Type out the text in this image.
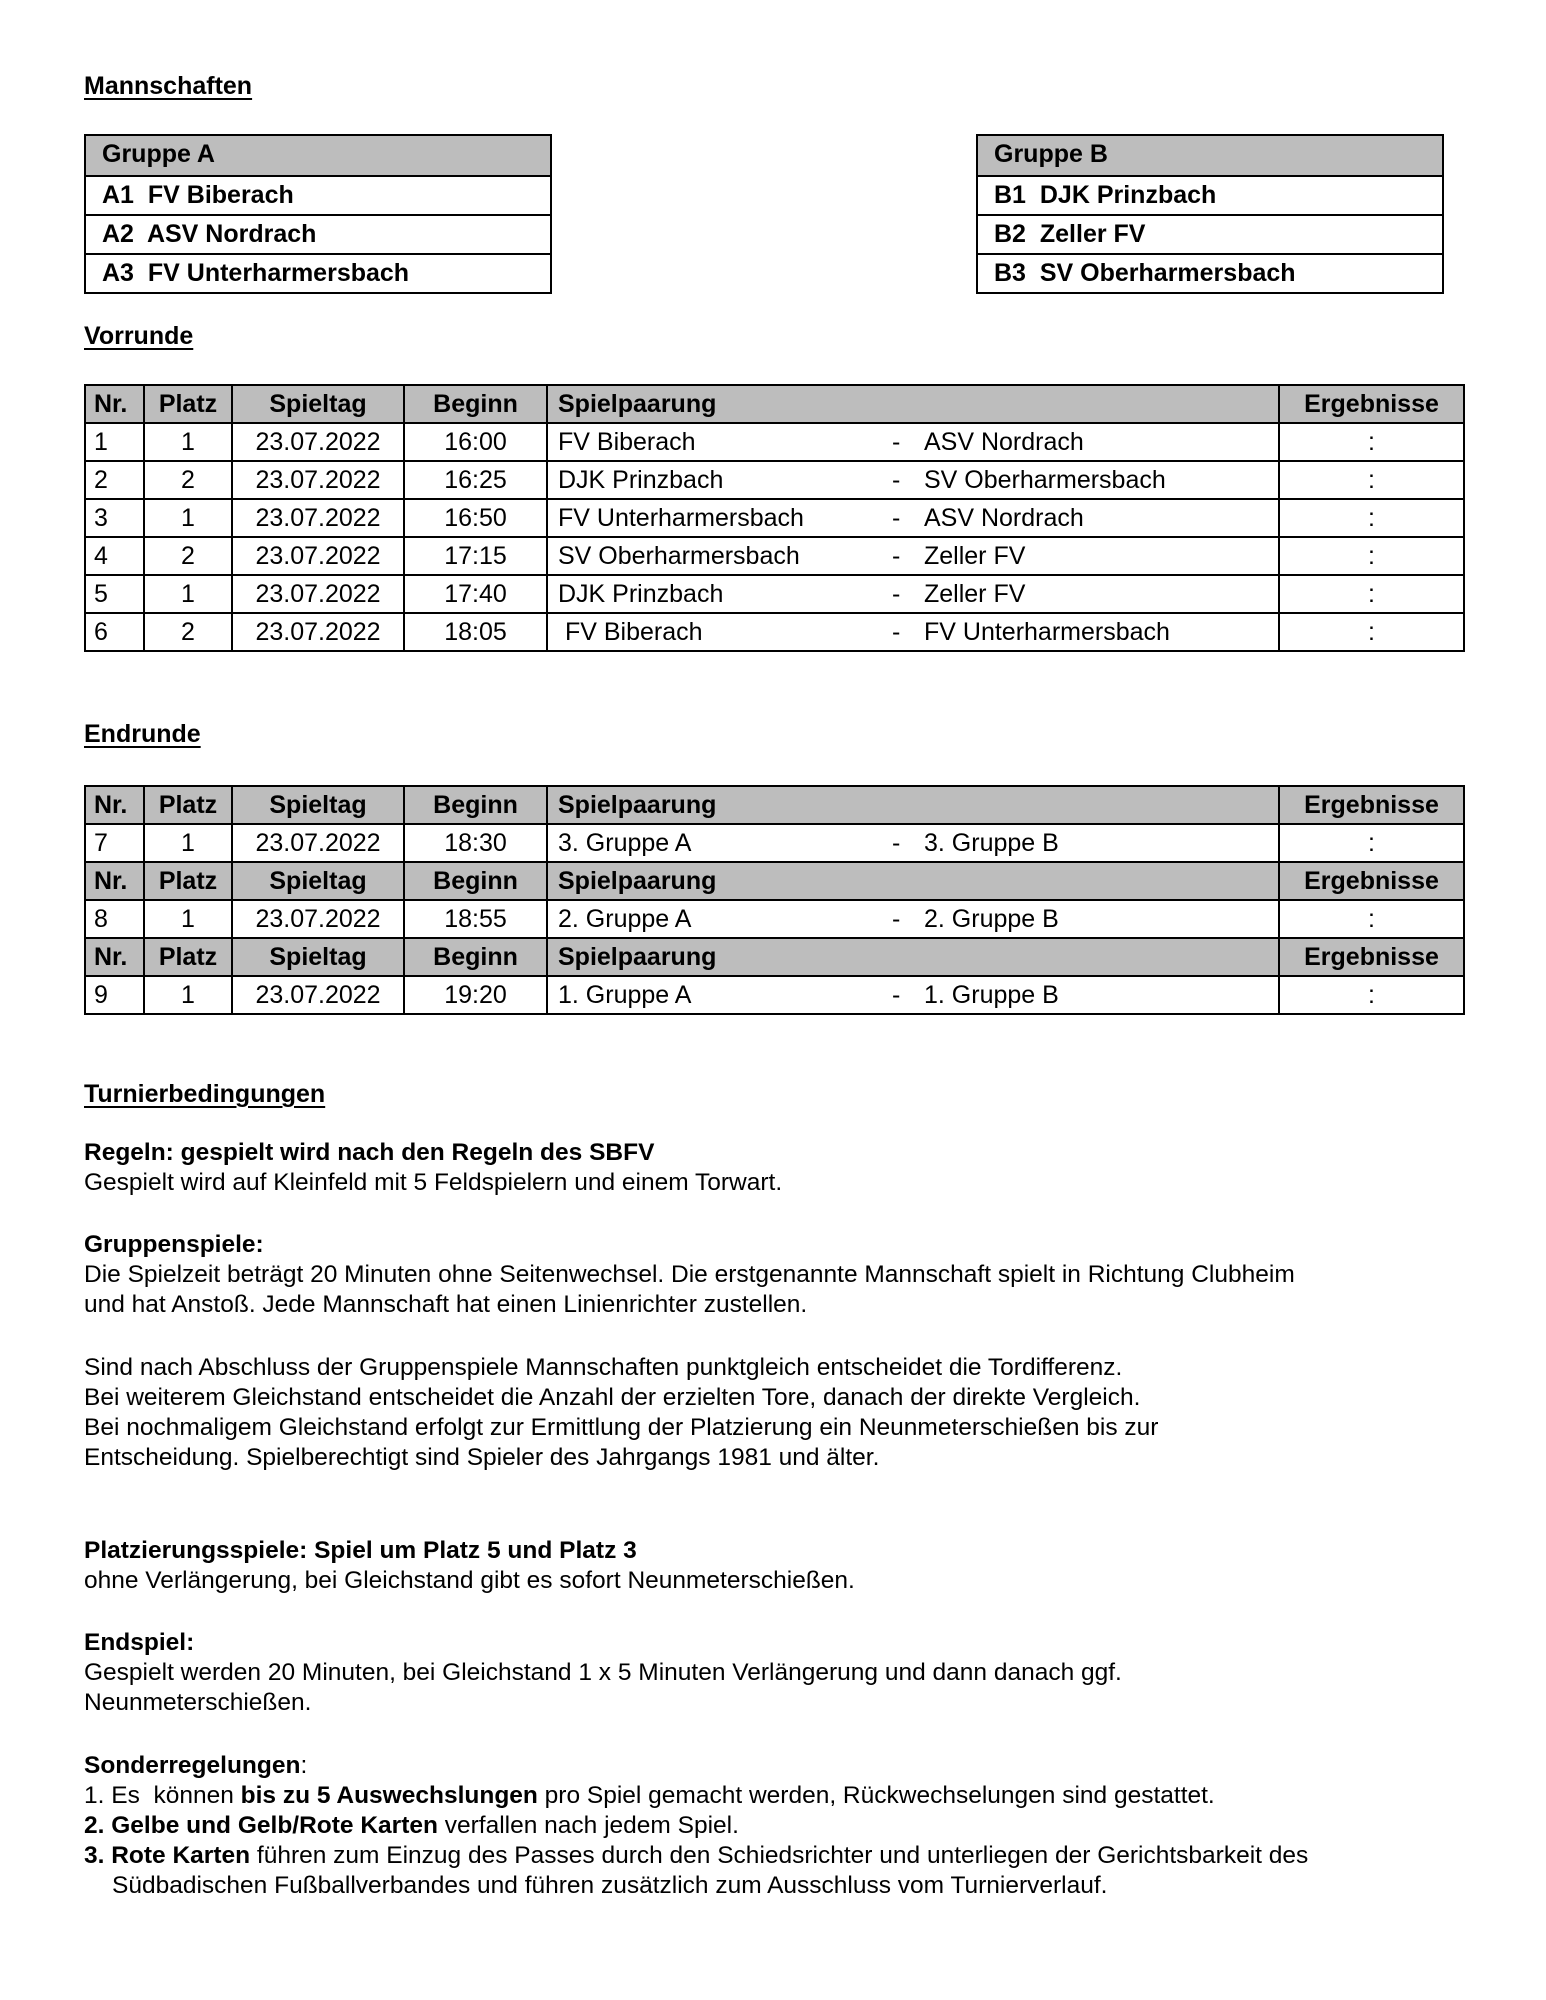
Mannschaften
Gruppe A
A1 FV Biberach
A2 ASV Nordrach
A3 FV Unterharmersbach
Gruppe B
B1 DJK Prinzbach
B2 Zeller FV
B3 SV Oberharmersbach
Vorrunde
Nr.	Platz	Spieltag	Beginn	Spielpaarung	Ergebnisse
1	1	23.07.2022	16:00	FV Biberach - ASV Nordrach	:
2	2	23.07.2022	16:25	DJK Prinzbach - SV Oberharmersbach	:
3	1	23.07.2022	16:50	FV Unterharmersbach - ASV Nordrach	:
4	2	23.07.2022	17:15	SV Oberharmersbach - Zeller FV	:
5	1	23.07.2022	17:40	DJK Prinzbach - Zeller FV	:
6	2	23.07.2022	18:05	FV Biberach - FV Unterharmersbach	:
Endrunde
Nr.	Platz	Spieltag	Beginn	Spielpaarung	Ergebnisse
7	1	23.07.2022	18:30	3. Gruppe A - 3. Gruppe B	:
Nr.	Platz	Spieltag	Beginn	Spielpaarung	Ergebnisse
8	1	23.07.2022	18:55	2. Gruppe A - 2. Gruppe B	:
Nr.	Platz	Spieltag	Beginn	Spielpaarung	Ergebnisse
9	1	23.07.2022	19:20	1. Gruppe A - 1. Gruppe B	:
Turnierbedingungen
Regeln: gespielt wird nach den Regeln des SBFV
Gespielt wird auf Kleinfeld mit 5 Feldspielern und einem Torwart.
Gruppenspiele:
Die Spielzeit beträgt 20 Minuten ohne Seitenwechsel. Die erstgenannte Mannschaft spielt in Richtung Clubheim
und hat Anstoß. Jede Mannschaft hat einen Linienrichter zustellen.
Sind nach Abschluss der Gruppenspiele Mannschaften punktgleich entscheidet die Tordifferenz.
Bei weiterem Gleichstand entscheidet die Anzahl der erzielten Tore, danach der direkte Vergleich.
Bei nochmaligem Gleichstand erfolgt zur Ermittlung der Platzierung ein Neunmeterschießen bis zur
Entscheidung. Spielberechtigt sind Spieler des Jahrgangs 1981 und älter.
Platzierungsspiele: Spiel um Platz 5 und Platz 3
ohne Verlängerung, bei Gleichstand gibt es sofort Neunmeterschießen.
Endspiel:
Gespielt werden 20 Minuten, bei Gleichstand 1 x 5 Minuten Verlängerung und dann danach ggf.
Neunmeterschießen.
Sonderregelungen:
1. Es  können bis zu 5 Auswechslungen pro Spiel gemacht werden, Rückwechselungen sind gestattet.
2. Gelbe und Gelb/Rote Karten verfallen nach jedem Spiel.
3. Rote Karten führen zum Einzug des Passes durch den Schiedsrichter und unterliegen der Gerichtsbarkeit des
Südbadischen Fußballverbandes und führen zusätzlich zum Ausschluss vom Turnierverlauf.
